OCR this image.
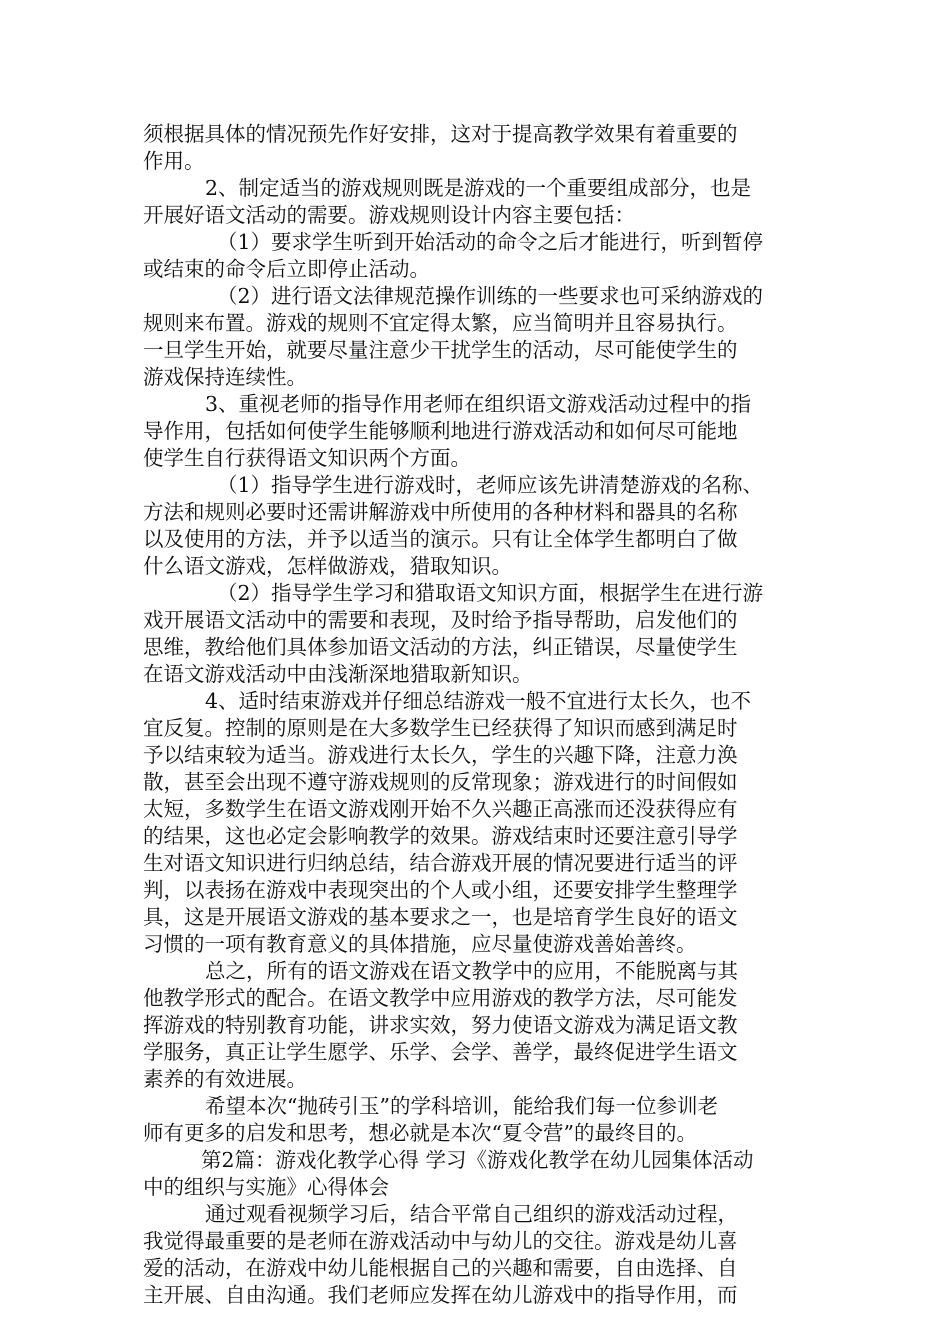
须根据具体的情况预先作好安排，这对于提高教学效果有着重要的
作用。
2、制定适当的游戏规则既是游戏的一个重要组成部分，也是
开展好语文活动的需要。游戏规则设计内容主要包括：
（1）要求学生听到开始活动的命令之后才能进行，听到暂停
或结束的命令后立即停止活动。
（2）进行语文法律规范操作训练的一些要求也可采纳游戏的
规则来布置。游戏的规则不宜定得太繁，应当简明并且容易执行。
一旦学生开始，就要尽量注意少干扰学生的活动，尽可能使学生的
游戏保持连续性。
3、重视老师的指导作用老师在组织语文游戏活动过程中的指
导作用，包括如何使学生能够顺利地进行游戏活动和如何尽可能地
使学生自行获得语文知识两个方面。
（1）指导学生进行游戏时，老师应该先讲清楚游戏的名称、
方法和规则必要时还需讲解游戏中所使用的各种材料和器具的名称
以及使用的方法，并予以适当的演示。只有让全体学生都明白了做
什么语文游戏，怎样做游戏，猎取知识。
（2）指导学生学习和猎取语文知识方面，根据学生在进行游
戏开展语文活动中的需要和表现，及时给予指导帮助，启发他们的
思维，教给他们具体参加语文活动的方法，纠正错误，尽量使学生
在语文游戏活动中由浅渐深地猎取新知识。
4、适时结束游戏并仔细总结游戏一般不宜进行太长久，也不
宜反复。控制的原则是在大多数学生已经获得了知识而感到满足时
予以结束较为适当。游戏进行太长久，学生的兴趣下降，注意力涣
散，甚至会出现不遵守游戏规则的反常现象；游戏进行的时间假如
太短，多数学生在语文游戏刚开始不久兴趣正高涨而还没获得应有
的结果，这也必定会影响教学的效果。游戏结束时还要注意引导学
生对语文知识进行归纳总结，结合游戏开展的情况要进行适当的评
判，以表扬在游戏中表现突出的个人或小组，还要安排学生整理学
具，这是开展语文游戏的基本要求之一，也是培育学生良好的语文
习惯的一项有教育意义的具体措施，应尽量使游戏善始善终。
总之，所有的语文游戏在语文教学中的应用，不能脱离与其
他教学形式的配合。在语文教学中应用游戏的教学方法，尽可能发
挥游戏的特别教育功能，讲求实效，努力使语文游戏为满足语文教
学服务，真正让学生愿学、乐学、会学、善学，最终促进学生语文
素养的有效进展。
希望本次“抛砖引玉”的学科培训，能给我们每一位参训老
师有更多的启发和思考，想必就是本次“夏令营”的最终目的。
第2篇：游戏化教学心得 学习《游戏化教学在幼儿园集体活动
中的组织与实施》心得体会
通过观看视频学习后，结合平常自己组织的游戏活动过程，
我觉得最重要的是老师在游戏活动中与幼儿的交往。游戏是幼儿喜
爱的活动，在游戏中幼儿能根据自己的兴趣和需要，自由选择、自
主开展、自由沟通。我们老师应发挥在幼儿游戏中的指导作用，而
